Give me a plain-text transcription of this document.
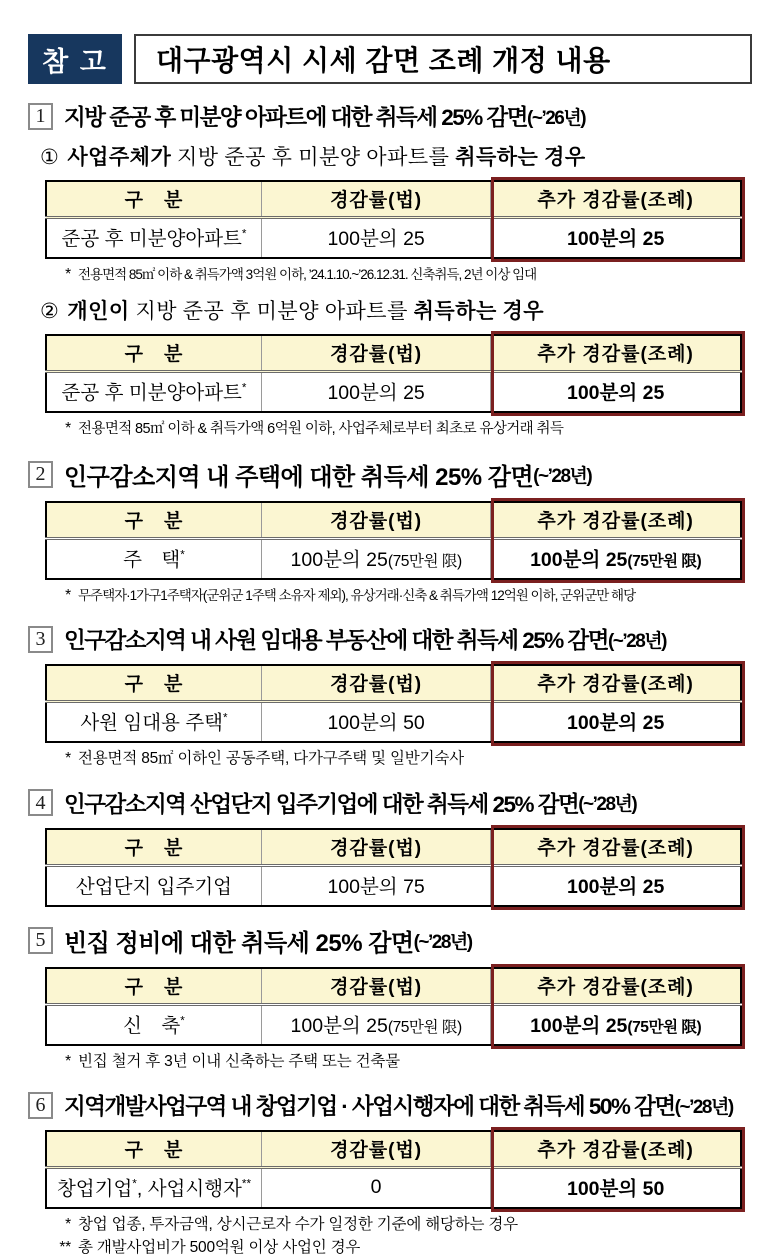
참 고	대구광역시 시세 감면 조례 개정 내용
1 지방 준공 후 미분양 아파트에 대한 취득세 25% 감면 (~’26년)
① 사업주체가 지방 준공 후 미분양 아파트를 취득하는 경우
구　분	경감률(법)	추가 경감률(조례)
준공 후 미분양아파트*	100분의 25	100분의 25
* 전용면적 85㎡ 이하 & 취득가액 3억원 이하, ’24.1.10.~’26.12.31. 신축취득, 2년 이상 임대
② 개인이 지방 준공 후 미분양 아파트를 취득하는 경우
구　분	경감률(법)	추가 경감률(조례)
준공 후 미분양아파트*	100분의 25	100분의 25
* 전용면적 85㎡ 이하 & 취득가액 6억원 이하, 사업주체로부터 최초로 유상거래 취득
2 인구감소지역 내 주택에 대한 취득세 25% 감면 (~’28년)
구　분	경감률(법)	추가 경감률(조례)
주　택*	100분의 25(75만원 限)	100분의 25(75만원 限)
* 무주택자·1가구1주택자(군위군 1주택 소유자 제외), 유상거래·신축 & 취득가액 12억원 이하, 군위군만 해당
3 인구감소지역 내 사원 임대용 부동산에 대한 취득세 25% 감면 (~’28년)
구　분	경감률(법)	추가 경감률(조례)
사원 임대용 주택*	100분의 50	100분의 25
* 전용면적 85㎡ 이하인 공동주택, 다가구주택 및 일반기숙사
4 인구감소지역 산업단지 입주기업에 대한 취득세 25% 감면 (~’28년)
구　분	경감률(법)	추가 경감률(조례)
산업단지 입주기업	100분의 75	100분의 25
5 빈집 정비에 대한 취득세 25% 감면 (~’28년)
구　분	경감률(법)	추가 경감률(조례)
신　축*	100분의 25(75만원 限)	100분의 25(75만원 限)
* 빈집 철거 후 3년 이내 신축하는 주택 또는 건축물
6 지역개발사업구역 내 창업기업 · 사업시행자에 대한 취득세 50% 감면 (~’28년)
구　분	경감률(법)	추가 경감률(조례)
창업기업*, 사업시행자**	0	100분의 50
* 창업 업종, 투자금액, 상시근로자 수가 일정한 기준에 해당하는 경우
** 총 개발사업비가 500억원 이상 사업인 경우
